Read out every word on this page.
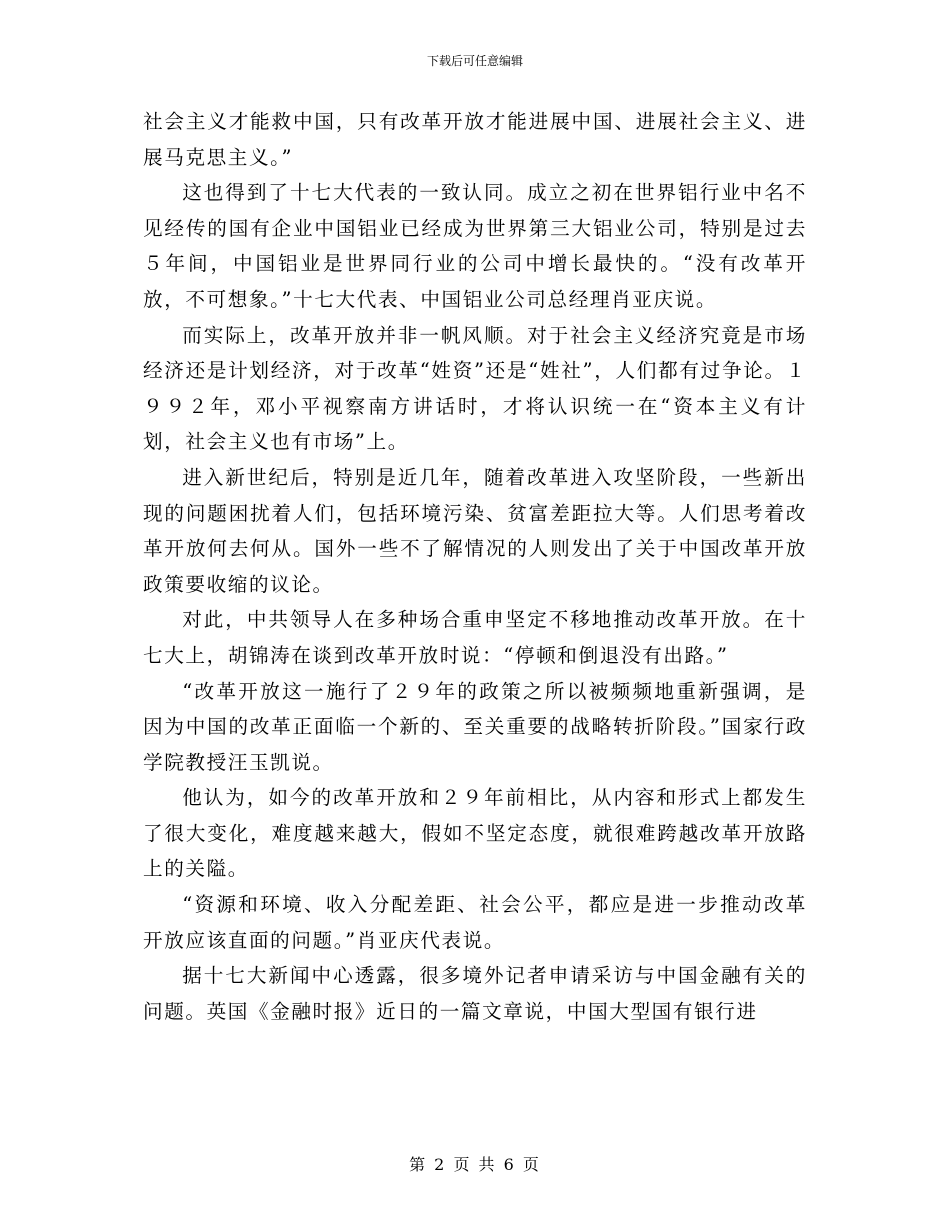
下载后可任意编辑

社会主义才能救中国，只有改革开放才能进展中国、进展社会主义、进展马克思主义。”

这也得到了十七大代表的一致认同。成立之初在世界铝行业中名不见经传的国有企业中国铝业已经成为世界第三大铝业公司，特别是过去５年间，中国铝业是世界同行业的公司中增长最快的。“没有改革开放，不可想象。”十七大代表、中国铝业公司总经理肖亚庆说。

而实际上，改革开放并非一帆风顺。对于社会主义经济究竟是市场经济还是计划经济，对于改革“姓资”还是“姓社”，人们都有过争论。１９９２年，邓小平视察南方讲话时，才将认识统一在“资本主义有计划，社会主义也有市场”上。

进入新世纪后，特别是近几年，随着改革进入攻坚阶段，一些新出现的问题困扰着人们，包括环境污染、贫富差距拉大等。人们思考着改革开放何去何从。国外一些不了解情况的人则发出了关于中国改革开放政策要收缩的议论。

对此，中共领导人在多种场合重申坚定不移地推动改革开放。在十七大上，胡锦涛在谈到改革开放时说：“停顿和倒退没有出路。”

“改革开放这一施行了２９年的政策之所以被频频地重新强调，是因为中国的改革正面临一个新的、至关重要的战略转折阶段。”国家行政学院教授汪玉凯说。

他认为，如今的改革开放和２９年前相比，从内容和形式上都发生了很大变化，难度越来越大，假如不坚定态度，就很难跨越改革开放路上的关隘。

“资源和环境、收入分配差距、社会公平，都应是进一步推动改革开放应该直面的问题。”肖亚庆代表说。

据十七大新闻中心透露，很多境外记者申请采访与中国金融有关的问题。英国《金融时报》近日的一篇文章说，中国大型国有银行进

第 2 页 共 6 页
